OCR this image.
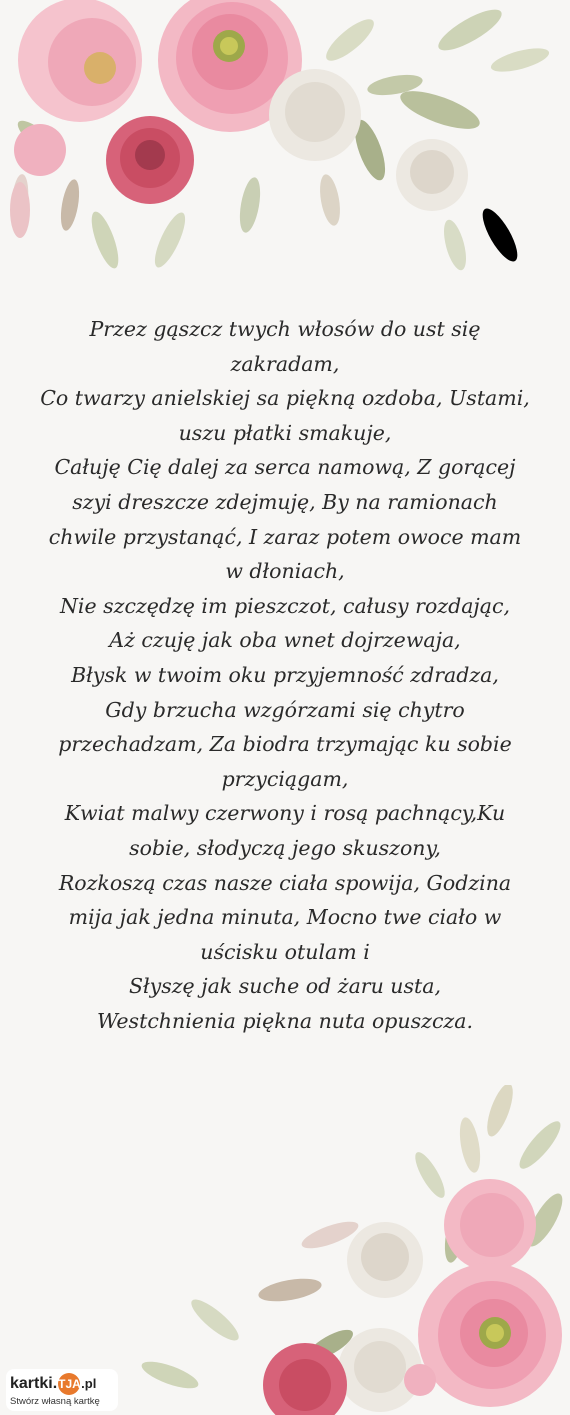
Przez gąszcz twych włosów do ust się
zakradam,
Co twarzy anielskiej sa piękną ozdoba, Ustami,
uszu płatki smakuje,
Całuję Cię dalej za serca namową, Z gorącej
szyi dreszcze zdejmuję, By na ramionach
chwile przystanąć, I zaraz potem owoce mam
w dłoniach,
Nie szczędzę im pieszczot, całusy rozdając,
Aż czuję jak oba wnet dojrzewaja,
Błysk w twoim oku przyjemność zdradza,
Gdy brzucha wzgórzami się chytro
przechadzam, Za biodra trzymając ku sobie
przyciągam,
Kwiat malwy czerwony i rosą pachnący,Ku
sobie, słodyczą jego skuszony,
Rozkoszą czas nasze ciała spowija, Godzina
mija jak jedna minuta, Mocno twe ciało w
uścisku otulam i
Słyszę jak suche od żaru usta,
Westchnienia piękna nuta opuszcza.
kartki.TJA.pl
Stwórz własną kartkę
